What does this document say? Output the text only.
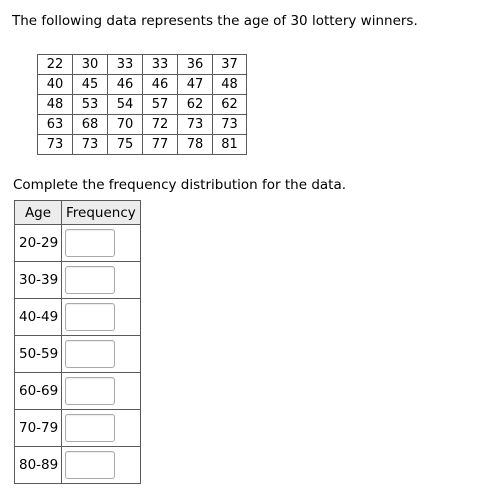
The following data represents the age of 30 lottery winners.
22	30	33	33	36	37
40	45	46	46	47	48
48	53	54	57	62	62
63	68	70	72	73	73
73	73	75	77	78	81
Complete the frequency distribution for the data.
Age	Frequency
20-29	

30-39	

40-49	

50-59	

60-69	

70-79	

80-89	
